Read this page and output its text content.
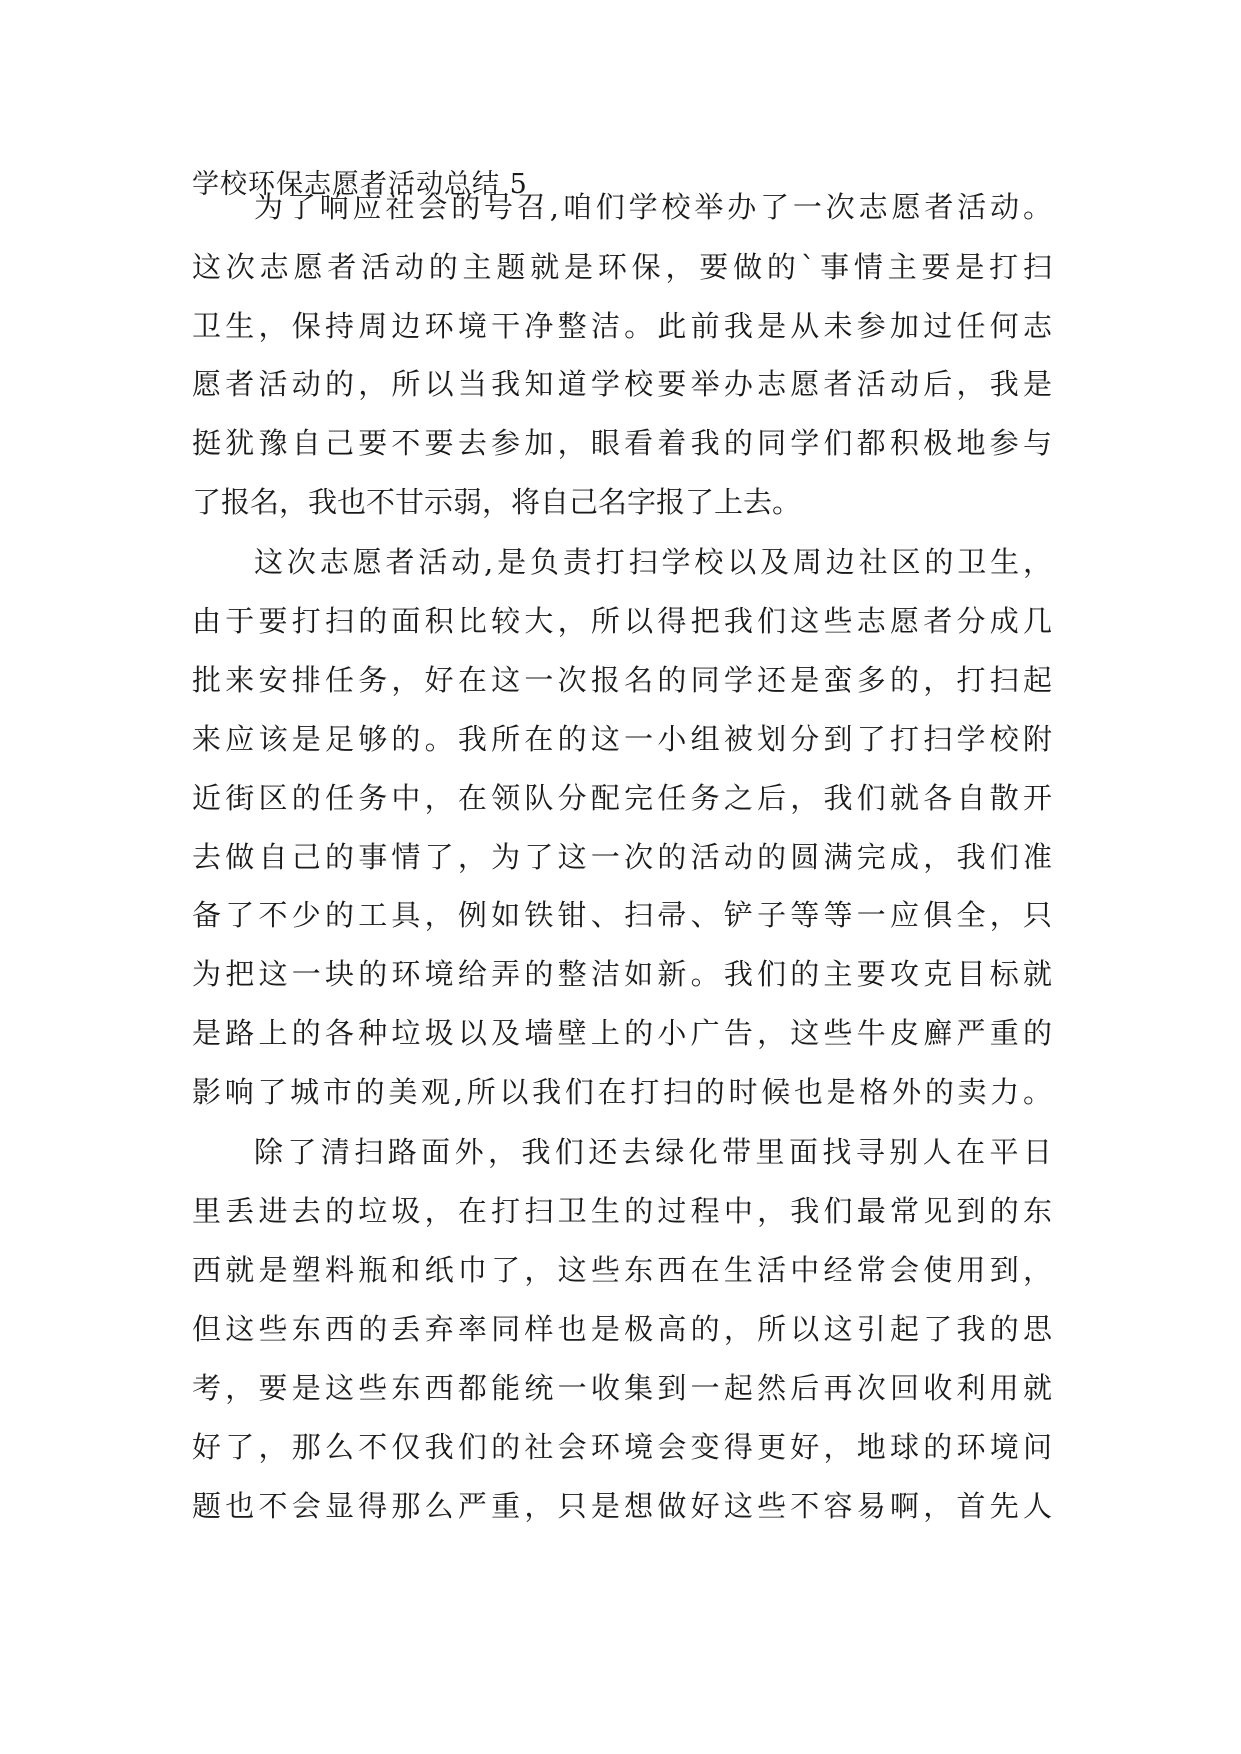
学校环保志愿者活动总结 5
为了响应社会的号召,咱们学校举办了一次志愿者活动。
这次志愿者活动的主题就是环保，要做的`事情主要是打扫
卫生，保持周边环境干净整洁。此前我是从未参加过任何志
愿者活动的，所以当我知道学校要举办志愿者活动后，我是
挺犹豫自己要不要去参加，眼看着我的同学们都积极地参与
了报名，我也不甘示弱，将自己名字报了上去。
这次志愿者活动,是负责打扫学校以及周边社区的卫生，
由于要打扫的面积比较大，所以得把我们这些志愿者分成几
批来安排任务，好在这一次报名的同学还是蛮多的，打扫起
来应该是足够的。我所在的这一小组被划分到了打扫学校附
近街区的任务中，在领队分配完任务之后，我们就各自散开
去做自己的事情了，为了这一次的活动的圆满完成，我们准
备了不少的工具，例如铁钳、扫帚、铲子等等一应俱全，只
为把这一块的环境给弄的整洁如新。我们的主要攻克目标就
是路上的各种垃圾以及墙壁上的小广告，这些牛皮廯严重的
影响了城市的美观,所以我们在打扫的时候也是格外的卖力。
除了清扫路面外，我们还去绿化带里面找寻别人在平日
里丢进去的垃圾，在打扫卫生的过程中，我们最常见到的东
西就是塑料瓶和纸巾了，这些东西在生活中经常会使用到，
但这些东西的丢弃率同样也是极高的，所以这引起了我的思
考，要是这些东西都能统一收集到一起然后再次回收利用就
好了，那么不仅我们的社会环境会变得更好，地球的环境问
题也不会显得那么严重，只是想做好这些不容易啊，首先人
